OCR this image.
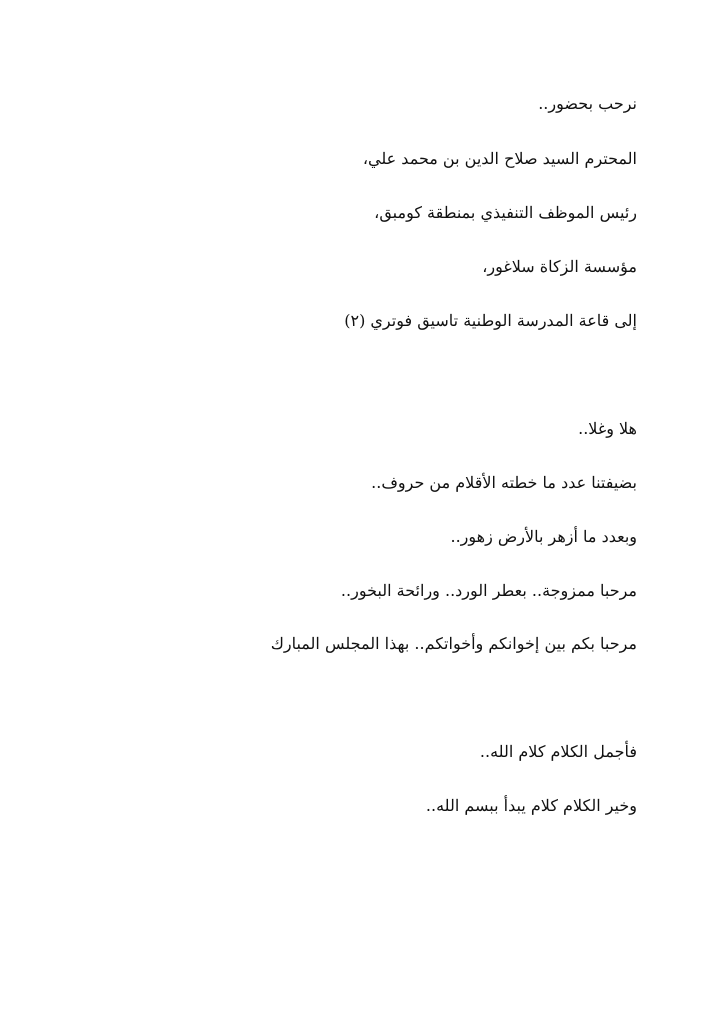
نرحب بحضور..
المحترم السيد صلاح الدين بن محمد علي،
رئيس الموظف التنفيذي بمنطقة كومبق،
مؤسسة الزكاة سلاغور،
إلى قاعة المدرسة الوطنية تاسيق فوتري (٢)
هلا وغلا..
بضيفتنا عدد ما خطته الأقلام من حروف..
وبعدد ما أزهر بالأرض زهور..
مرحبا ممزوجة.. بعطر الورد.. ورائحة البخور..
مرحبا بكم بين إخوانكم وأخواتكم.. بهذا المجلس المبارك
فأجمل الكلام كلام الله..
وخير الكلام كلام يبدأ ببسم الله..
